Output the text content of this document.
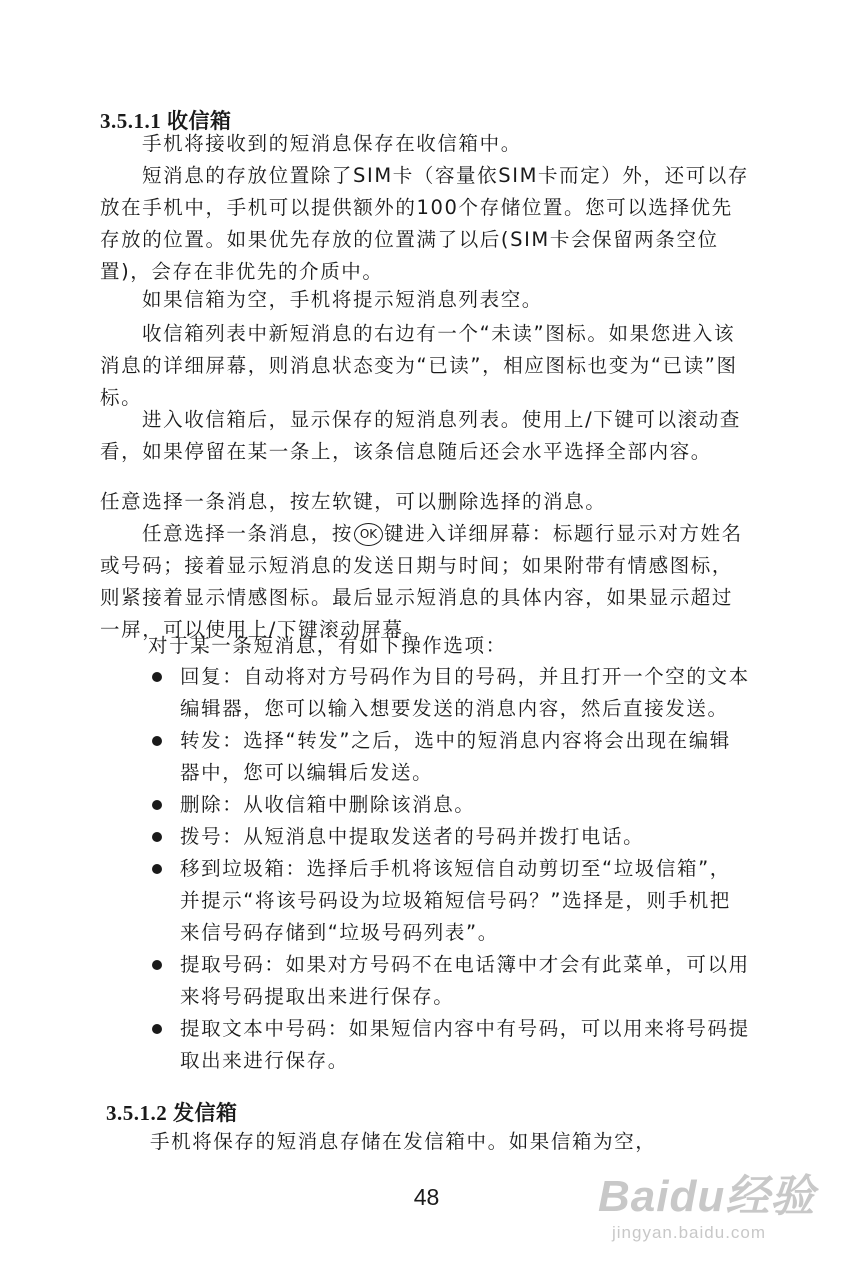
3.5.1.1 收信箱

手机将接收到的短消息保存在收信箱中。

短消息的存放位置除了SIM卡（容量依SIM卡而定）外，还可以存放在手机中，手机可以提供额外的100个存储位置。您可以选择优先存放的位置。如果优先存放的位置满了以后(SIM卡会保留两条空位置)，会存在非优先的介质中。

如果信箱为空，手机将提示短消息列表空。

收信箱列表中新短消息的右边有一个“未读”图标。如果您进入该消息的详细屏幕，则消息状态变为“已读”，相应图标也变为“已读”图标。

进入收信箱后，显示保存的短消息列表。使用上/下键可以滚动查看，如果停留在某一条上，该条信息随后还会水平选择全部内容。

任意选择一条消息，按左软键，可以删除选择的消息。

任意选择一条消息，按 OK 键进入详细屏幕：标题行显示对方姓名或号码；接着显示短消息的发送日期与时间；如果附带有情感图标，则紧接着显示情感图标。最后显示短消息的具体内容，如果显示超过一屏，可以使用上/下键滚动屏幕。

对于某一条短消息，有如下操作选项：

回复：自动将对方号码作为目的号码，并且打开一个空的文本编辑器，您可以输入想要发送的消息内容，然后直接发送。
转发：选择“转发”之后，选中的短消息内容将会出现在编辑器中，您可以编辑后发送。
删除：从收信箱中删除该消息。
拨号：从短消息中提取发送者的号码并拨打电话。
移到垃圾箱：选择后手机将该短信自动剪切至“垃圾信箱”，并提示“将该号码设为垃圾箱短信号码？”选择是，则手机把来信号码存储到“垃圾号码列表”。
提取号码：如果对方号码不在电话簿中才会有此菜单，可以用来将号码提取出来进行保存。
提取文本中号码：如果短信内容中有号码，可以用来将号码提取出来进行保存。
3.5.1.2 发信箱

手机将保存的短消息存储在发信箱中。如果信箱为空，

48	Baidu经验
jingyan.baidu.com
